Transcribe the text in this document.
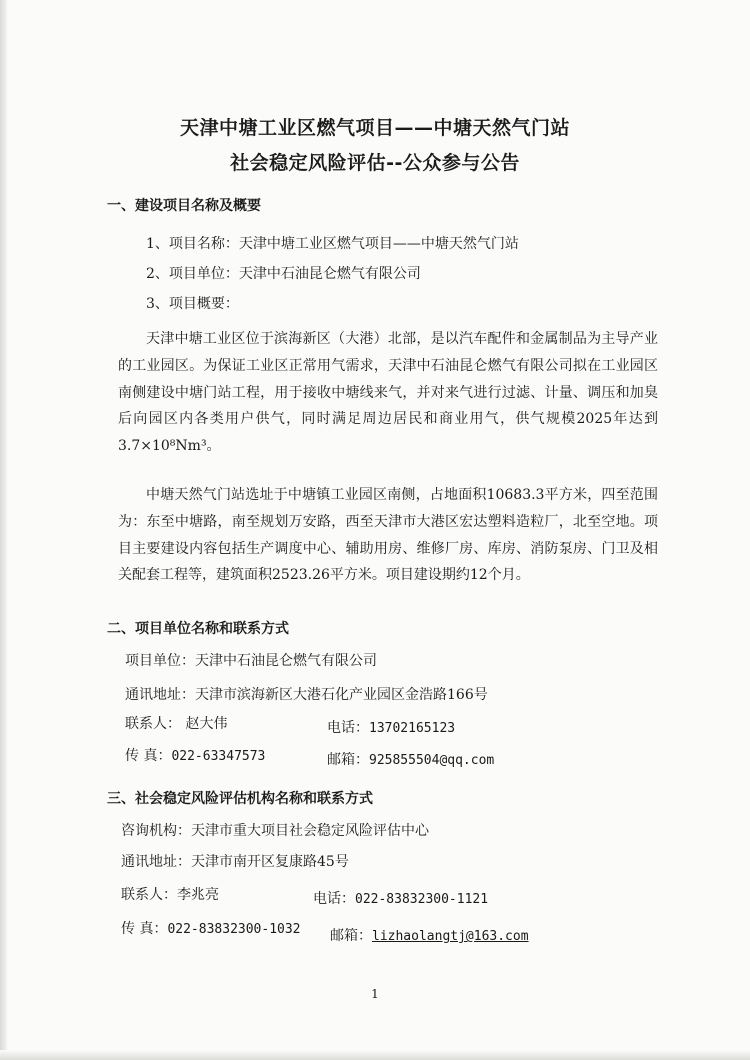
天津中塘工业区燃气项目——中塘天然气门站
社会稳定风险评估--公众参与公告
一、建设项目名称及概要
1、项目名称：天津中塘工业区燃气项目——中塘天然气门站
2、项目单位：天津中石油昆仑燃气有限公司
3、项目概要：

天津中塘工业区位于滨海新区（大港）北部，是以汽车配件和金属制品为主导产业的工业园区。为保证工业区正常用气需求，天津中石油昆仑燃气有限公司拟在工业园区南侧建设中塘门站工程，用于接收中塘线来气，并对来气进行过滤、计量、调压和加臭后向园区内各类用户供气，同时满足周边居民和商业用气，供气规模2025年达到3.7×10⁸Nm³。

中塘天然气门站选址于中塘镇工业园区南侧，占地面积10683.3平方米，四至范围为：东至中塘路，南至规划万安路，西至天津市大港区宏达塑料造粒厂，北至空地。项目主要建设内容包括生产调度中心、辅助用房、维修厂房、库房、消防泵房、门卫及相关配套工程等，建筑面积2523.26平方米。项目建设期约12个月。

二、项目单位名称和联系方式
项目单位：天津中石油昆仑燃气有限公司
通讯地址：天津市滨海新区大港石化产业园区金浩路166号
联系人： 赵大伟	电话：13702165123
传 真：022-63347573	邮箱：925855504@qq.com
三、社会稳定风险评估机构名称和联系方式
咨询机构：天津市重大项目社会稳定风险评估中心
通讯地址：天津市南开区复康路45号
联系人：李兆亮	电话：022-83832300-1121
传 真：022-83832300-1032 邮箱：lizhaolangtj@163.com
1
